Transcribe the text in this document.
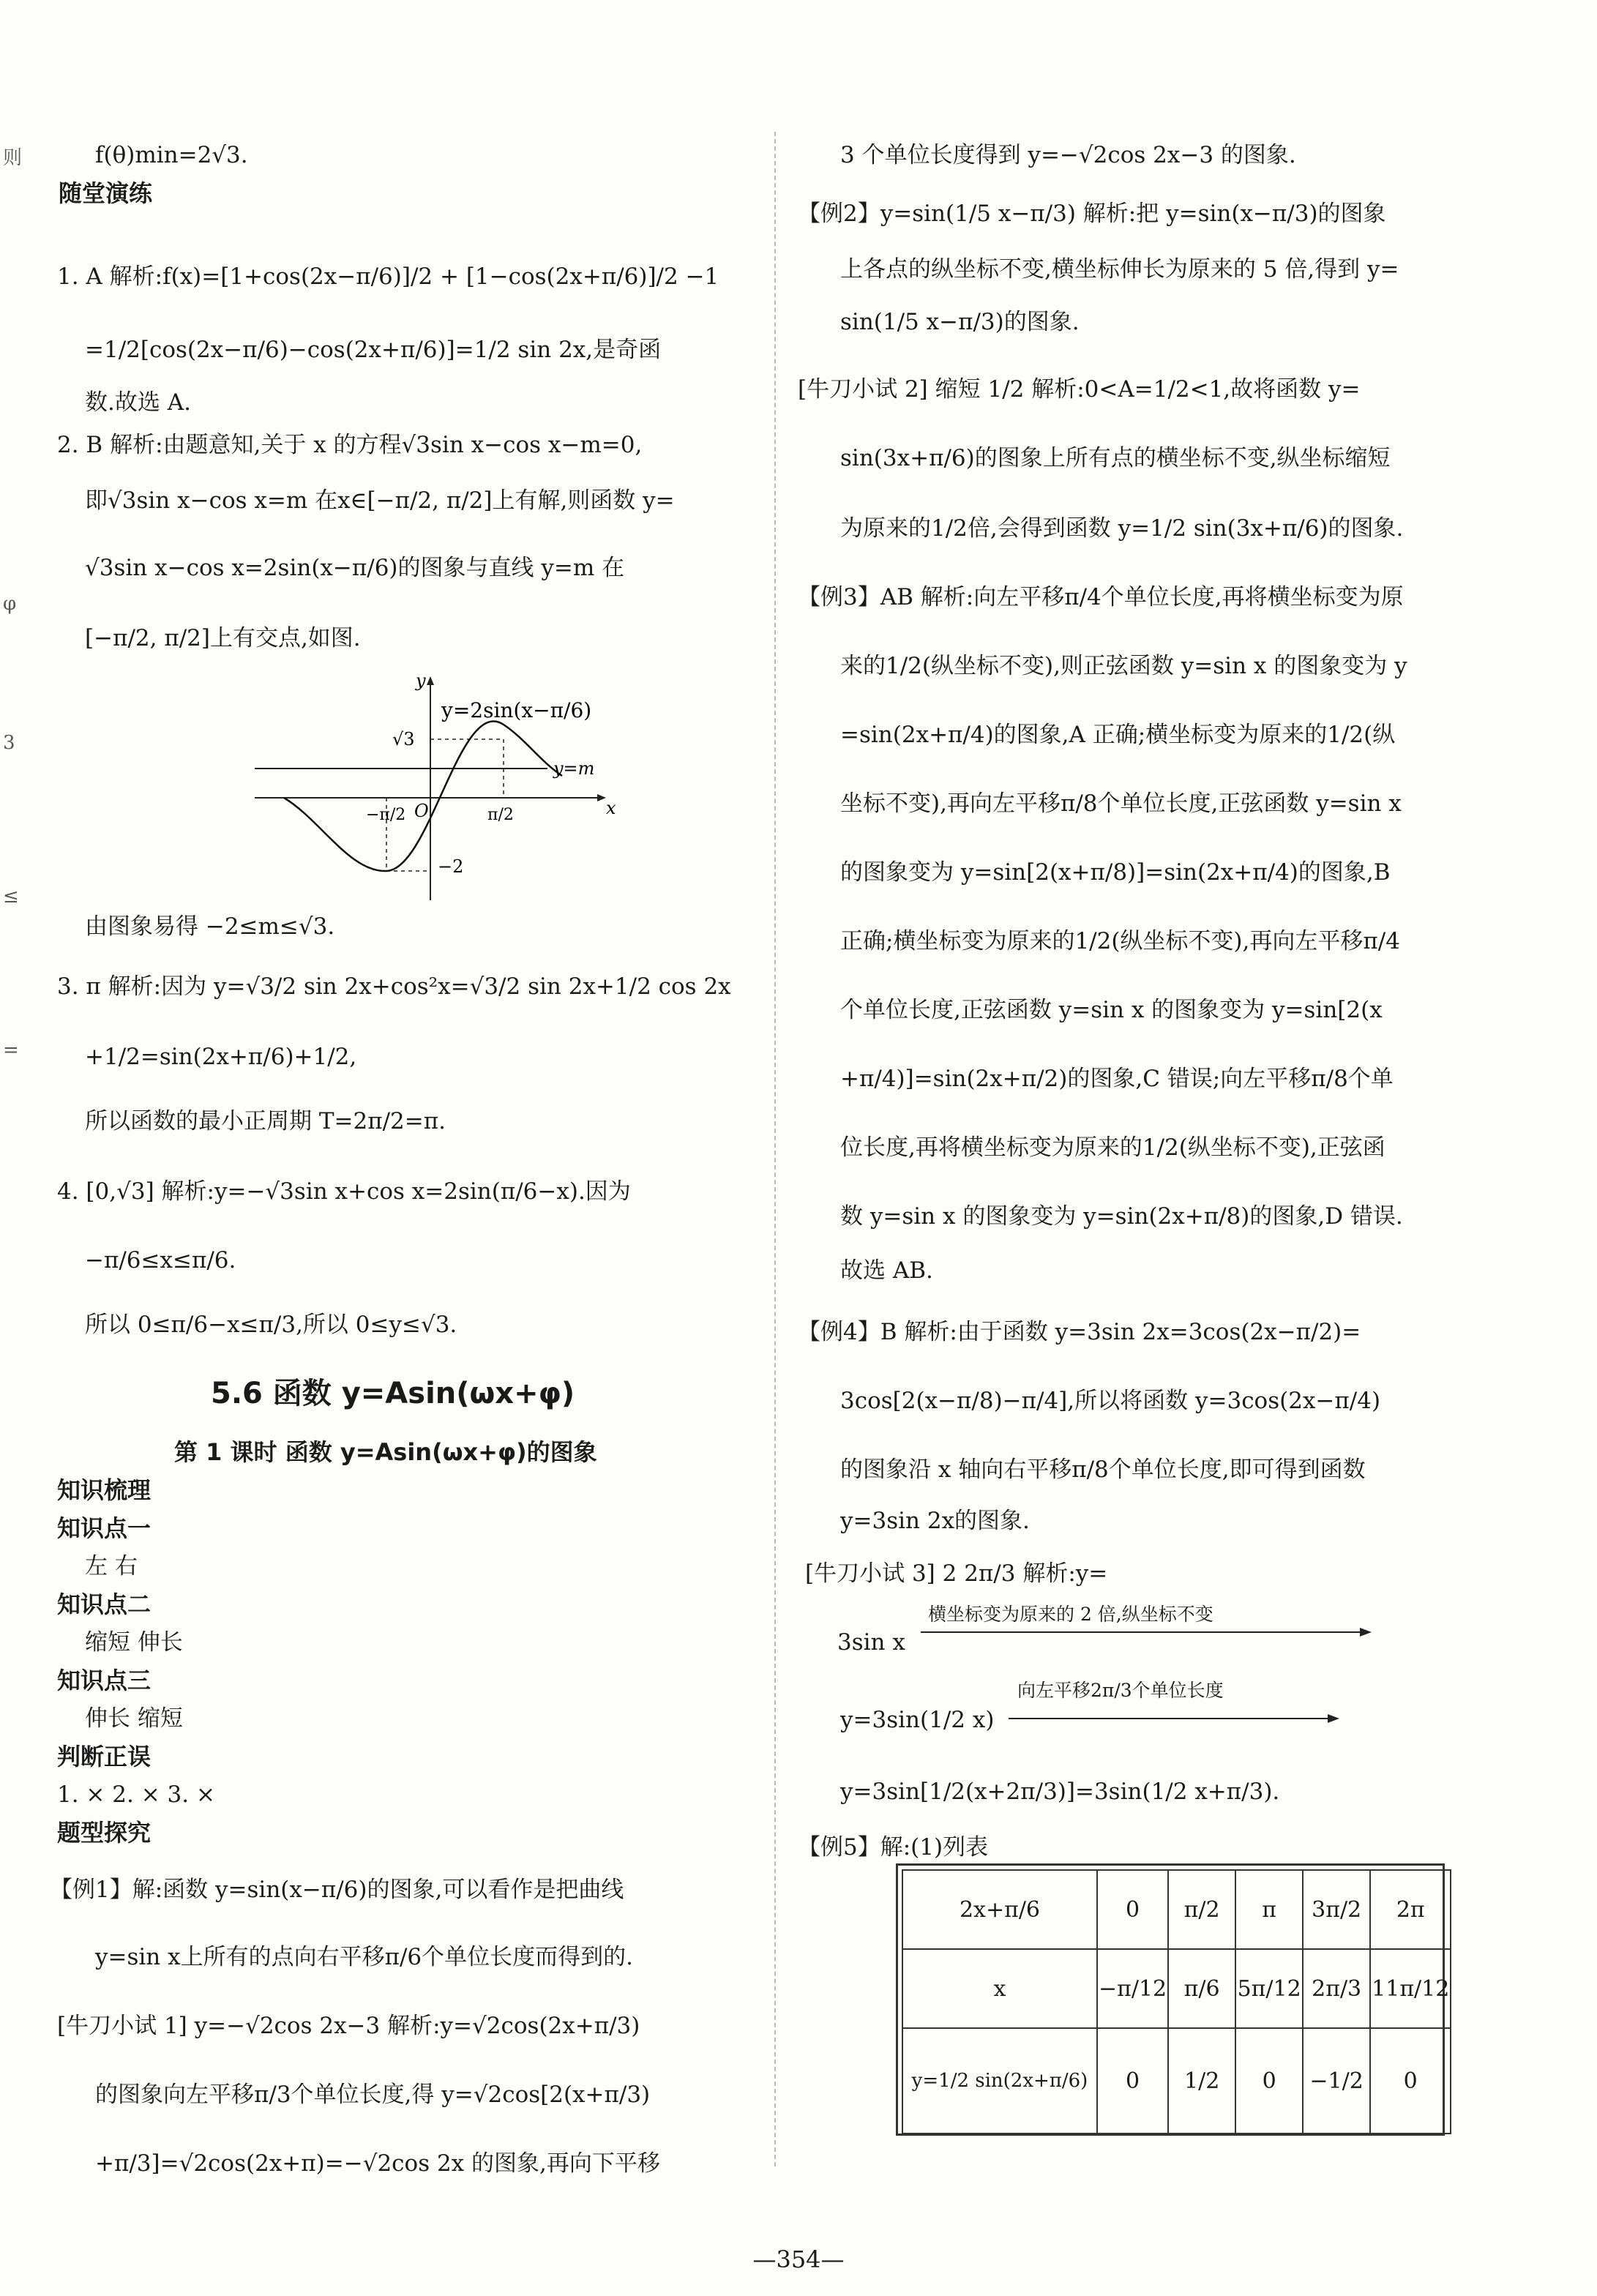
则
φ
3
≤
=
f(θ)min=2√3.
随堂演练
1. A 解析:f(x)=[1+cos(2x−π/6)]/2 + [1−cos(2x+π/6)]/2 −1
=1/2[cos(2x−π/6)−cos(2x+π/6)]=1/2 sin 2x,是奇函
数.故选 A.
2. B 解析:由题意知,关于 x 的方程√3sin x−cos x−m=0,
即√3sin x−cos x=m 在x∈[−π/2, π/2]上有解,则函数 y=
√3sin x−cos x=2sin(x−π/6)的图象与直线 y=m 在
[−π/2, π/2]上有交点,如图.
y
x
y=2sin(x−π/6)
y=m
√3
O
−2
−π/2	π/2
由图象易得 −2≤m≤√3.
3. π 解析:因为 y=√3/2 sin 2x+cos²x=√3/2 sin 2x+1/2 cos 2x
+1/2=sin(2x+π/6)+1/2,
所以函数的最小正周期 T=2π/2=π.
4. [0,√3] 解析:y=−√3sin x+cos x=2sin(π/6−x).因为
−π/6≤x≤π/6.
所以 0≤π/6−x≤π/3,所以 0≤y≤√3.
5.6 函数 y=Asin(ωx+φ)
第 1 课时 函数 y=Asin(ωx+φ)的图象
知识梳理
知识点一
左 右
知识点二
缩短 伸长
知识点三
伸长 缩短
判断正误
1. × 2. × 3. ×
题型探究
【例1】解:函数 y=sin(x−π/6)的图象,可以看作是把曲线
y=sin x上所有的点向右平移π/6个单位长度而得到的.
[牛刀小试 1] y=−√2cos 2x−3 解析:y=√2cos(2x+π/3)
的图象向左平移π/3个单位长度,得 y=√2cos[2(x+π/3)
+π/3]=√2cos(2x+π)=−√2cos 2x 的图象,再向下平移
3 个单位长度得到 y=−√2cos 2x−3 的图象.
【例2】y=sin(1/5 x−π/3) 解析:把 y=sin(x−π/3)的图象
上各点的纵坐标不变,横坐标伸长为原来的 5 倍,得到 y=
sin(1/5 x−π/3)的图象.
[牛刀小试 2] 缩短 1/2 解析:0<A=1/2<1,故将函数 y=
sin(3x+π/6)的图象上所有点的横坐标不变,纵坐标缩短
为原来的1/2倍,会得到函数 y=1/2 sin(3x+π/6)的图象.
【例3】AB 解析:向左平移π/4个单位长度,再将横坐标变为原
来的1/2(纵坐标不变),则正弦函数 y=sin x 的图象变为 y
=sin(2x+π/4)的图象,A 正确;横坐标变为原来的1/2(纵
坐标不变),再向左平移π/8个单位长度,正弦函数 y=sin x
的图象变为 y=sin[2(x+π/8)]=sin(2x+π/4)的图象,B
正确;横坐标变为原来的1/2(纵坐标不变),再向左平移π/4
个单位长度,正弦函数 y=sin x 的图象变为 y=sin[2(x
+π/4)]=sin(2x+π/2)的图象,C 错误;向左平移π/8个单
位长度,再将横坐标变为原来的1/2(纵坐标不变),正弦函
数 y=sin x 的图象变为 y=sin(2x+π/8)的图象,D 错误.
故选 AB.
【例4】B 解析:由于函数 y=3sin 2x=3cos(2x−π/2)=
3cos[2(x−π/8)−π/4],所以将函数 y=3cos(2x−π/4)
的图象沿 x 轴向右平移π/8个单位长度,即可得到函数
y=3sin 2x的图象.
[牛刀小试 3] 2 2π/3 解析:y=
3sin x
横坐标变为原来的 2 倍,纵坐标不变
y=3sin(1/2 x)
向左平移2π/3个单位长度
y=3sin[1/2(x+2π/3)]=3sin(1/2 x+π/3).
【例5】解:(1)列表
2x+π/6	0	π/2	π	3π/2	2π
x	−π/12	π/6	5π/12	2π/3	11π/12
y=1/2 sin(2x+π/6)	0	1/2	0	−1/2	0
—354—
